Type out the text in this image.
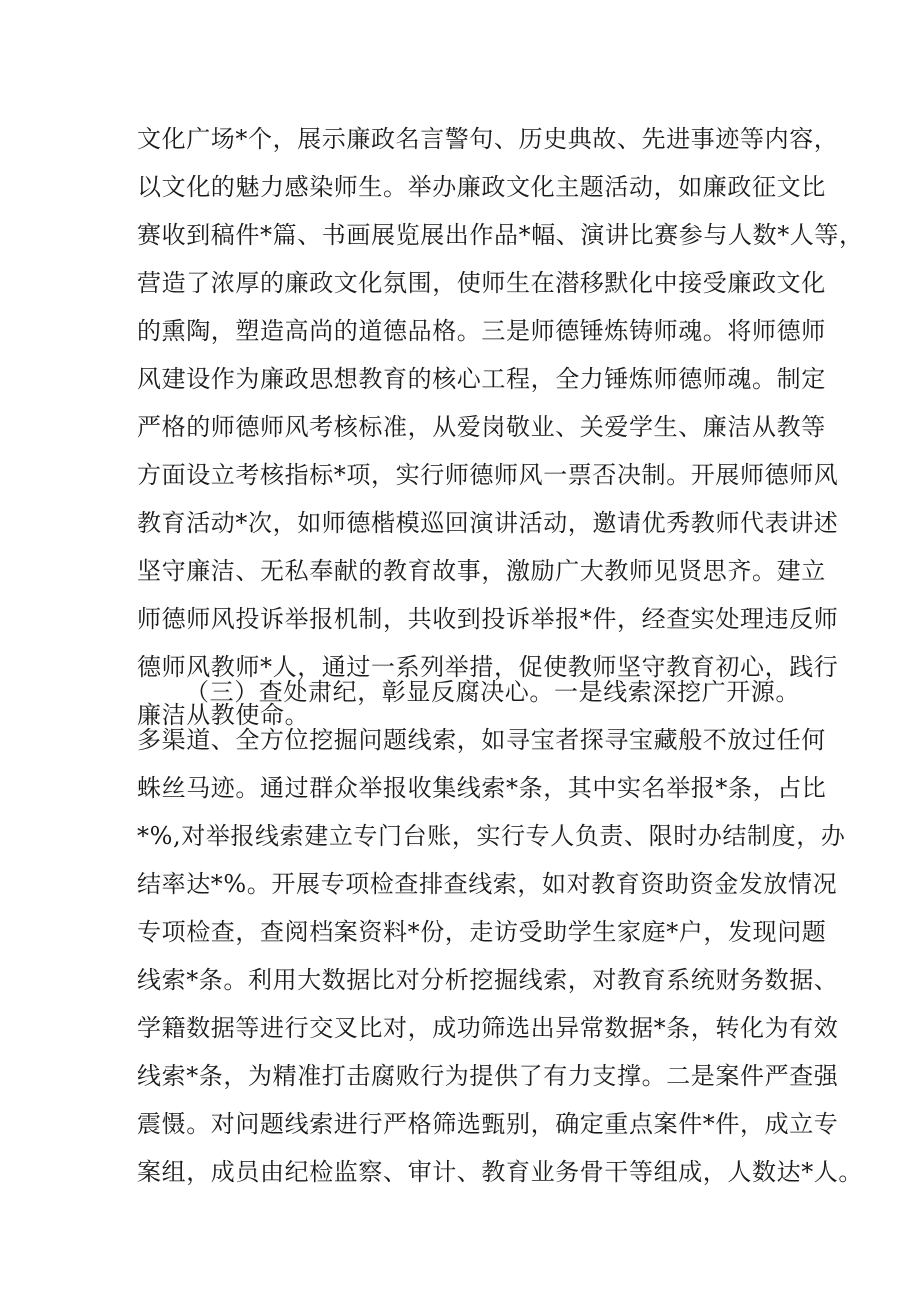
文化广场*个，展示廉政名言警句、历史典故、先进事迹等内容，
以文化的魅力感染师生。举办廉政文化主题活动，如廉政征文比
赛收到稿件*篇、书画展览展出作品*幅、演讲比赛参与人数*人等，
营造了浓厚的廉政文化氛围，使师生在潜移默化中接受廉政文化
的熏陶，塑造高尚的道德品格。三是师德锤炼铸师魂。将师德师
风建设作为廉政思想教育的核心工程，全力锤炼师德师魂。制定
严格的师德师风考核标准，从爱岗敬业、关爱学生、廉洁从教等
方面设立考核指标*项，实行师德师风一票否决制。开展师德师风
教育活动*次，如师德楷模巡回演讲活动，邀请优秀教师代表讲述
坚守廉洁、无私奉献的教育故事，激励广大教师见贤思齐。建立
师德师风投诉举报机制，共收到投诉举报*件，经查实处理违反师
德师风教师*人，通过一系列举措，促使教师坚守教育初心，践行
廉洁从教使命。
（三）查处肃纪，彰显反腐决心。一是线索深挖广开源。
多渠道、全方位挖掘问题线索，如寻宝者探寻宝藏般不放过任何
蛛丝马迹。通过群众举报收集线索*条，其中实名举报*条，占比
*%,对举报线索建立专门台账，实行专人负责、限时办结制度，办
结率达*%。开展专项检查排查线索，如对教育资助资金发放情况
专项检查，查阅档案资料*份，走访受助学生家庭*户，发现问题
线索*条。利用大数据比对分析挖掘线索，对教育系统财务数据、
学籍数据等进行交叉比对，成功筛选出异常数据*条，转化为有效
线索*条，为精准打击腐败行为提供了有力支撑。二是案件严查强
震慑。对问题线索进行严格筛选甄别，确定重点案件*件，成立专
案组，成员由纪检监察、审计、教育业务骨干等组成，人数达*人。
